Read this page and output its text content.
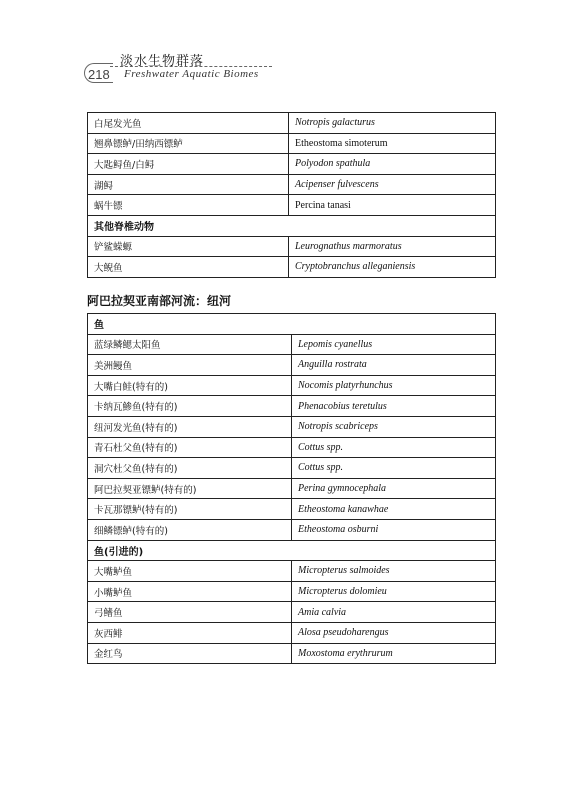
218
淡水生物群落
Freshwater Aquatic Biomes
白尾发光鱼	Notropis galacturus
翘鼻镖鲈/田纳西镖鲈	Etheostoma simoterum
大匙鲟鱼/白鲟	Polyodon spathula
湖鲟	Acipenser fulvescens
蜗牛镖	Percina tanasi
其他脊椎动物	
铲鲨蝾螈	Leurognathus marmoratus
大鲵鱼	Cryptobranchus alleganiensis
阿巴拉契亚南部河流：纽河
鱼	
蓝绿鳞鳃太阳鱼	Lepomis cyanellus
美洲鳗鱼	Anguilla rostrata
大嘴白鲑(特有的)	Nocomis platyrhunchus
卡纳瓦鯵鱼(特有的)	Phenacobius teretulus
纽河发光鱼(特有的)	Notropis scabriceps
青石杜父鱼(特有的)	Cottus spp.
洞穴杜父鱼(特有的)	Cottus spp.
阿巴拉契亚镖鲈(特有的)	Perina gymnocephala
卡瓦那镖鲈(特有的)	Etheostoma kanawhae
细鳞镖鲈(特有的)	Etheostoma osburni
鱼(引进的)	
大嘴鲈鱼	Micropterus salmoides
小嘴鲈鱼	Micropterus dolomieu
弓鳍鱼	Amia calvia
灰西鲱	Alosa pseudoharengus
金红鸟	Moxostoma erythrurum
